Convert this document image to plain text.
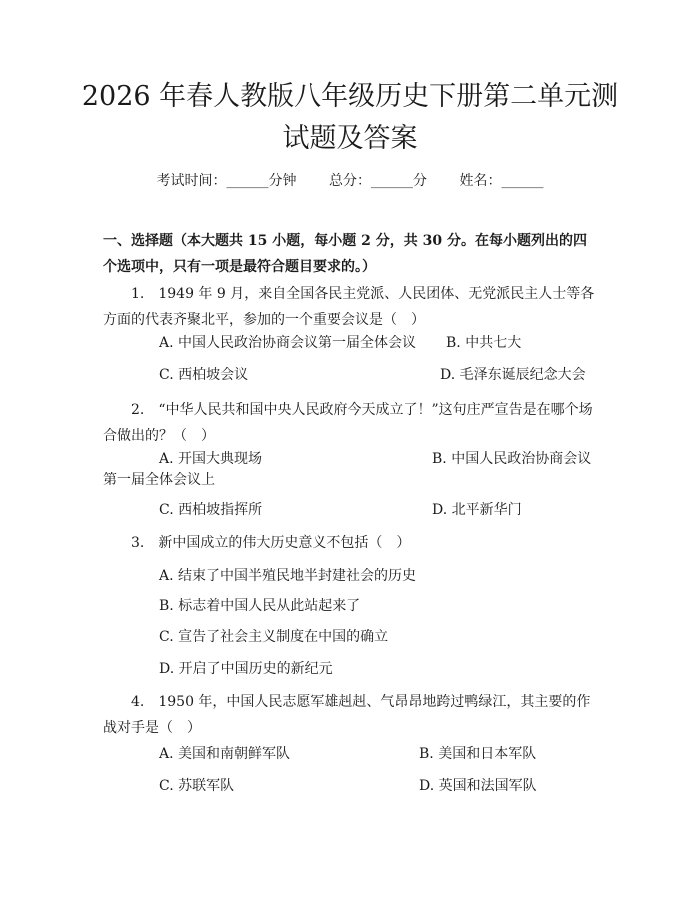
2026 年春人教版八年级历史下册第二单元测
试题及答案
考试时间：______分钟 总分：______分 姓名：______
一、选择题（本大题共 15 小题，每小题 2 分，共 30 分。在每小题列出的四个选项中，只有一项是最符合题目要求的。）
1.　1949 年 9 月，来自全国各民主党派、人民团体、无党派民主人士等各方面的代表齐聚北平，参加的一个重要会议是（　）
A. 中国人民政治协商会议第一届全体会议 B. 中共七大
C. 西柏坡会议	D. 毛泽东诞辰纪念大会
2.　“中华人民共和国中央人民政府今天成立了！”这句庄严宣告是在哪个场合做出的？（　）
A. 开国大典现场	B. 中国人民政治协商会议
第一届全体会议上
C. 西柏坡指挥所	D. 北平新华门
3.　新中国成立的伟大历史意义不包括（　）
A. 结束了中国半殖民地半封建社会的历史
B. 标志着中国人民从此站起来了
C. 宣告了社会主义制度在中国的确立
D. 开启了中国历史的新纪元
4.　1950 年，中国人民志愿军雄赳赳、气昂昂地跨过鸭绿江，其主要的作战对手是（　）
A. 美国和南朝鲜军队	B. 美国和日本军队
C. 苏联军队	D. 英国和法国军队
